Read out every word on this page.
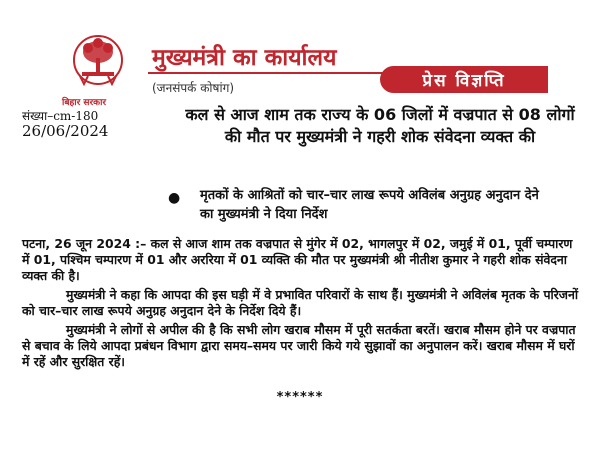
बिहार सरकार
मुख्यमंत्री का कार्यालय
(जनसंपर्क कोषांग)	प्रेस विज्ञप्ति
संख्या–cm-180
26/06/2024
कल से आज शाम तक राज्य के 06 जिलों में वज्रपात से 08 लोगों की मौत पर मुख्यमंत्री ने गहरी शोक संवेदना व्यक्त की
● मृतकों के आश्रितों को चार–चार लाख रूपये अविलंब अनुग्रह अनुदान देने का मुख्यमंत्री ने दिया निर्देश

पटना, 26 जून 2024 :– कल से आज शाम तक वज्रपात से मुंगेर में 02, भागलपुर में 02, जमुई में 01, पूर्वी चम्पारण में 01, पश्चिम चम्पारण में 01 और अररिया में 01 व्यक्ति की मौत पर मुख्यमंत्री श्री नीतीश कुमार ने गहरी शोक संवेदना व्यक्त की है।

मुख्यमंत्री ने कहा कि आपदा की इस घड़ी में वे प्रभावित परिवारों के साथ हैं। मुख्यमंत्री ने अविलंब मृतक के परिजनों को चार–चार लाख रूपये अनुग्रह अनुदान देने के निर्देश दिये हैं।

मुख्यमंत्री ने लोगों से अपील की है कि सभी लोग खराब मौसम में पूरी सतर्कता बरतें। खराब मौसम होने पर वज्रपात से बचाव के लिये आपदा प्रबंधन विभाग द्वारा समय–समय पर जारी किये गये सुझावों का अनुपालन करें। खराब मौसम में घरों में रहें और सुरक्षित रहें।

******
